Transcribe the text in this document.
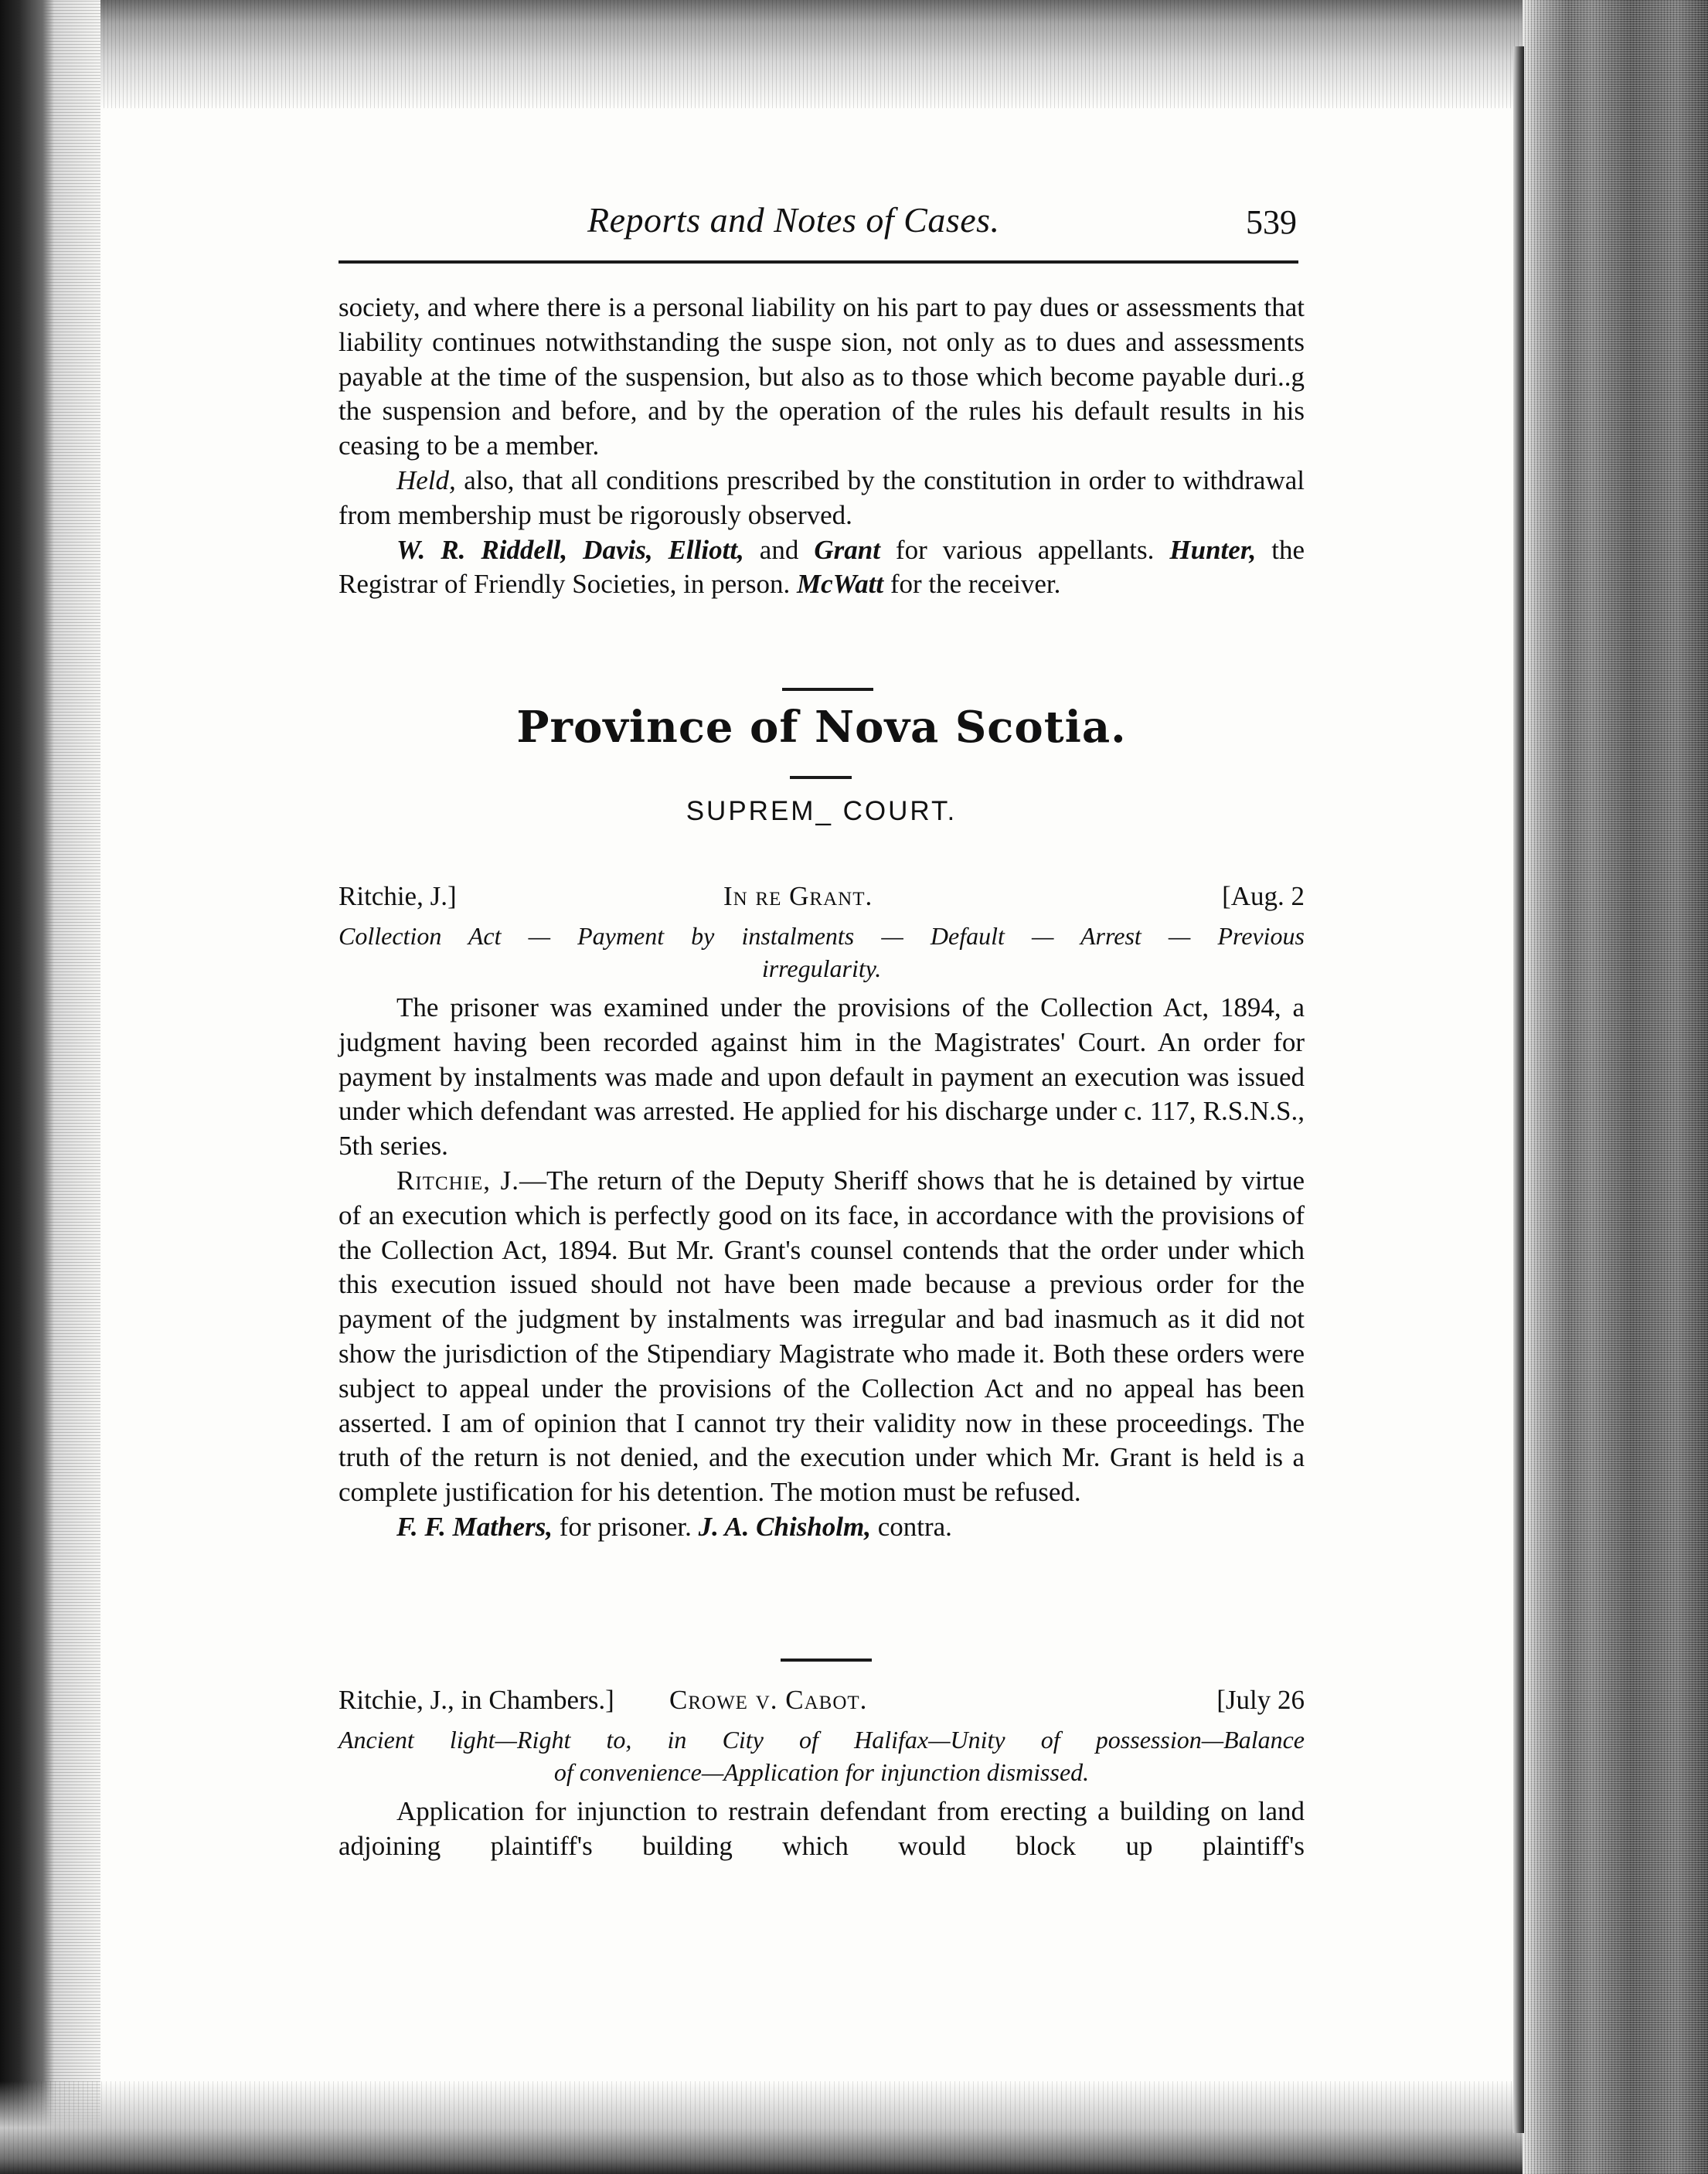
Reports and Notes of Cases.	539

society, and where there is a personal liability on his part to pay dues or assessments that liability continues notwithstanding the suspe sion, not only as to dues and assessments payable at the time of the suspension, but also as to those which become payable duri..g the suspension and before, and by the operation of the rules his default results in his ceasing to be a member.

Held, also, that all conditions prescribed by the constitution in order to withdrawal from membership must be rigorously observed.

W. R. Riddell, Davis, Elliott, and Grant for various appellants. Hunter, the Registrar of Friendly Societies, in person. McWatt for the receiver.

Province of Nova Scotia.
SUPREM_ COURT.
Ritchie, J.]	In re Grant.	[Aug. 2
Collection Act — Payment by instalments — Default — Arrest — Previous
irregularity.

The prisoner was examined under the provisions of the Collection Act, 1894, a judgment having been recorded against him in the Magistrates' Court. An order for payment by instalments was made and upon default in payment an execution was issued under which defendant was arrested. He applied for his discharge under c. 117, R.S.N.S., 5th series.

Ritchie, J.—The return of the Deputy Sheriff shows that he is detained by virtue of an execution which is perfectly good on its face, in accordance with the provisions of the Collection Act, 1894. But Mr. Grant's counsel contends that the order under which this execution issued should not have been made because a previous order for the payment of the judgment by instalments was irregular and bad inasmuch as it did not show the jurisdiction of the Stipendiary Magistrate who made it. Both these orders were subject to appeal under the provisions of the Collection Act and no appeal has been asserted. I am of opinion that I cannot try their validity now in these proceedings. The truth of the return is not denied, and the execution under which Mr. Grant is held is a complete justification for his detention. The motion must be refused.

F. F. Mathers, for prisoner. J. A. Chisholm, contra.

Ritchie, J., in Chambers.] Crowe v. Cabot.	[July 26
Ancient light—Right to, in City of Halifax—Unity of possession—Balance
of convenience—Application for injunction dismissed.

Application for injunction to restrain defendant from erecting a building on land adjoining plaintiff's building which would block up plaintiff's
